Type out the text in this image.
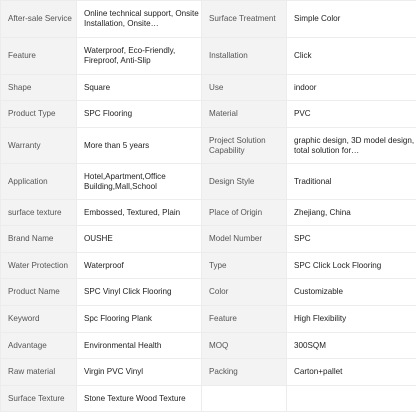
After-sale Service	Online technical support, Onsite Installation, Onsite…	Surface Treatment	Simple Color
Feature	Waterproof, Eco-Friendly, Fireproof, Anti-Slip	Installation	Click
Shape	Square	Use	indoor
Product Type	SPC Flooring	Material	PVC
Warranty	More than 5 years	Project Solution Capability	graphic design, 3D model design, total solution for…
Application	Hotel,Apartment,Office Building,Mall,School	Design Style	Traditional
surface texture	Embossed, Textured, Plain	Place of Origin	Zhejiang, China
Brand Name	OUSHE	Model Number	SPC
Water Protection	Waterproof	Type	SPC Click Lock Flooring
Product Name	SPC Vinyl Click Flooring	Color	Customizable
Keyword	Spc Flooring Plank	Feature	High Flexibility
Advantage	Environmental Health	MOQ	300SQM
Raw material	Virgin PVC Vinyl	Packing	Carton+pallet
Surface Texture	Stone Texture Wood Texture		
